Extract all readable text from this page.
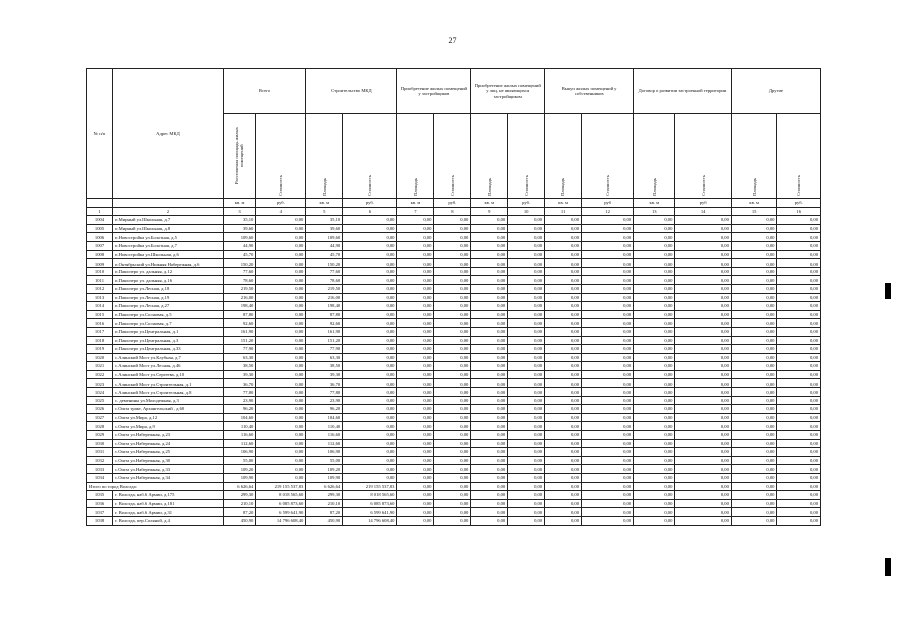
27
№ п/п	Адрес МКД	Всего		Строительство МКД		Приобретение жилых помещений у застройщиков		Приобретение жилых помещений у лиц, не являющихся застройщиком		Выкуп жилых помещений у собственников		Договор о развитии застроенной территории		Другие	
		Расселяемая площадь жилых помещений	Стоимость	Площадь	Стоимость	Площадь	Стоимость	Площадь	Стоимость	Площадь	Стоимость	Площадь	Стоимость	Площадь	Стоимость
		кв. м	руб.	кв. м	руб.	кв. м	руб.	кв. м	руб.	кв. м	руб	кв. м	руб	кв. м	руб.
1	2	3	4	5	6	7	8	9	10	11	12	13	14	15	16
1004	п.Мирный ул.Школьная, д.7	35,10	0,00	35,10	0,00	0,00	0,00	0,00	0,00	0,00	0,00	0,00	0,00	0,00	0,00
1005	п.Мирный ул.Школьная, д.8	39,60	0,00	39,60	0,00	0,00	0,00	0,00	0,00	0,00	0,00	0,00	0,00	0,00	0,00
1006	п.Новостройка ул.Болотная, д.5	109,60	0,00	109,60	0,00	0,00	0,00	0,00	0,00	0,00	0,00	0,00	0,00	0,00	0,00
1007	п.Новостройка ул.Болотная, д.7	44,90	0,00	44,90	0,00	0,00	0,00	0,00	0,00	0,00	0,00	0,00	0,00	0,00	0,00
1008	п.Новостройка ул.Школьная, д.6	45,70	0,00	45,70	0,00	0,00	0,00	0,00	0,00	0,00	0,00	0,00	0,00	0,00	0,00
1009	п.Октябрьский ул.Нижняя Набережная, д.6	150,20	0,00	150,20	0,00	0,00	0,00	0,00	0,00	0,00	0,00	0,00	0,00	0,00	0,00
1010	п.Пашозеро ул. дальняя, д.12	77,60	0,00	77,60	0,00	0,00	0,00	0,00	0,00	0,00	0,00	0,00	0,00	0,00	0,00
1011	п.Пашозеро ул. дальняя, д.16	78,60	0,00	78,60	0,00	0,00	0,00	0,00	0,00	0,00	0,00	0,00	0,00	0,00	0,00
1012	п.Пашозеро ул.Лесная, д.18	219,50	0,00	219,50	0,00	0,00	0,00	0,00	0,00	0,00	0,00	0,00	0,00	0,00	0,00
1013	п.Пашозеро ул.Лесная, д.19	216,00	0,00	216,00	0,00	0,00	0,00	0,00	0,00	0,00	0,00	0,00	0,00	0,00	0,00
1014	п.Пашозеро ул.Лесная, д.27	198,40	0,00	198,40	0,00	0,00	0,00	0,00	0,00	0,00	0,00	0,00	0,00	0,00	0,00
1015	п.Пашозеро ул.Сосновая, д.5	87,80	0,00	87,80	0,00	0,00	0,00	0,00	0,00	0,00	0,00	0,00	0,00	0,00	0,00
1016	п.Пашозеро ул.Сосновая, д.7	92,60	0,00	92,60	0,00	0,00	0,00	0,00	0,00	0,00	0,00	0,00	0,00	0,00	0,00
1017	п.Пашозеро ул.Центральная, д.1	161,90	0,00	161,90	0,00	0,00	0,00	0,00	0,00	0,00	0,00	0,00	0,00	0,00	0,00
1018	п.Пашозеро ул.Центральная, д.3	151,20	0,00	151,20	0,00	0,00	0,00	0,00	0,00	0,00	0,00	0,00	0,00	0,00	0,00
1019	п.Пашозеро ул.Центральная, д.33	77,90	0,00	77,90	0,00	0,00	0,00	0,00	0,00	0,00	0,00	0,00	0,00	0,00	0,00
1020	с.Алинский Мост ул.Клубная, д.7	63,30	0,00	63,30	0,00	0,00	0,00	0,00	0,00	0,00	0,00	0,00	0,00	0,00	0,00
1021	с.Алинский Мост ул.Лесная, д.46	38,50	0,00	38,50	0,00	0,00	0,00	0,00	0,00	0,00	0,00	0,00	0,00	0,00	0,00
1022	с.Алинский Мост ул.Сергеева, д.10	39,30	0,00	39,30	0,00	0,00	0,00	0,00	0,00	0,00	0,00	0,00	0,00	0,00	0,00
1023	с.Алинский Мост ул.Строительная, д.1	36,70	0,00	36,70	0,00	0,00	0,00	0,00	0,00	0,00	0,00	0,00	0,00	0,00	0,00
1024	с.Алинский Мост ул.Строительная, д.8	77,80	0,00	77,80	0,00	0,00	0,00	0,00	0,00	0,00	0,00	0,00	0,00	0,00	0,00
1025	с. деменины ул.Молодежная, д.3	23,90	0,00	23,90	0,00	0,00	0,00	0,00	0,00	0,00	0,00	0,00	0,00	0,00	0,00
1026	с.Ошта тракт, Архангельский , д.60	96,20	0,00	96,20	0,00	0,00	0,00	0,00	0,00	0,00	0,00	0,00	0,00	0,00	0,00
1027	с.Ошта ул.Мира, д.12	104,60	0,00	104,60	0,00	0,00	0,00	0,00	0,00	0,00	0,00	0,00	0,00	0,00	0,00
1028	с.Ошта ул.Мира, д.9	110,40	0,00	110,40	0,00	0,00	0,00	0,00	0,00	0,00	0,00	0,00	0,00	0,00	0,00
1029	с.Ошта ул.Набережная, д.23	116,60	0,00	116,60	0,00	0,00	0,00	0,00	0,00	0,00	0,00	0,00	0,00	0,00	0,00
1030	с.Ошта ул.Набережная, д.24	112,60	0,00	112,60	0,00	0,00	0,00	0,00	0,00	0,00	0,00	0,00	0,00	0,00	0,00
1031	с.Ошта ул.Набережная, д.25	106,90	0,00	106,90	0,00	0,00	0,00	0,00	0,00	0,00	0,00	0,00	0,00	0,00	0,00
1032	с.Ошта ул.Набережная, д.30	55,00	0,00	55,00	0,00	0,00	0,00	0,00	0,00	0,00	0,00	0,00	0,00	0,00	0,00
1033	с.Ошта ул.Набережная, д.33	109,20	0,00	109,20	0,00	0,00	0,00	0,00	0,00	0,00	0,00	0,00	0,00	0,00	0,00
1034	с.Ошта ул.Набережная, д.34	109,90	0,00	109,90	0,00	0,00	0,00	0,00	0,00	0,00	0,00	0,00	0,00	0,00	0,00
Итого по город Вологда:		6 626,64	219 155 537,83	6 626,64	219 155 537,83	0,00	0,00	0,00	0,00	0,00	0,00	0,00	0,00	0,00	0,00
1035	г. Вологда, наб.6 Армии, д.175	299,30	8 018 565,60	299,30	8 018 565,60	0,00	0,00	0,00	0,00	0,00	0,00	0,00	0,00	0,00	0,00
1036	г. Вологда, наб.6 Армии, д.181	210,10	6 085 873,60	210,10	6 085 873,60	0,00	0,00	0,00	0,00	0,00	0,00	0,00	0,00	0,00	0,00
1037	г. Вологда, наб.6 Армии, д.31	87,20	6 599 641,90	87,20	6 599 641,90	0,00	0,00	0,00	0,00	0,00	0,00	0,00	0,00	0,00	0,00
1038	г. Вологда, пер.Соляной, д.4	450,90	14 796 608,40	450,90	14 796 608,40	0,00	0,00	0,00	0,00	0,00	0,00	0,00	0,00	0,00	0,00
